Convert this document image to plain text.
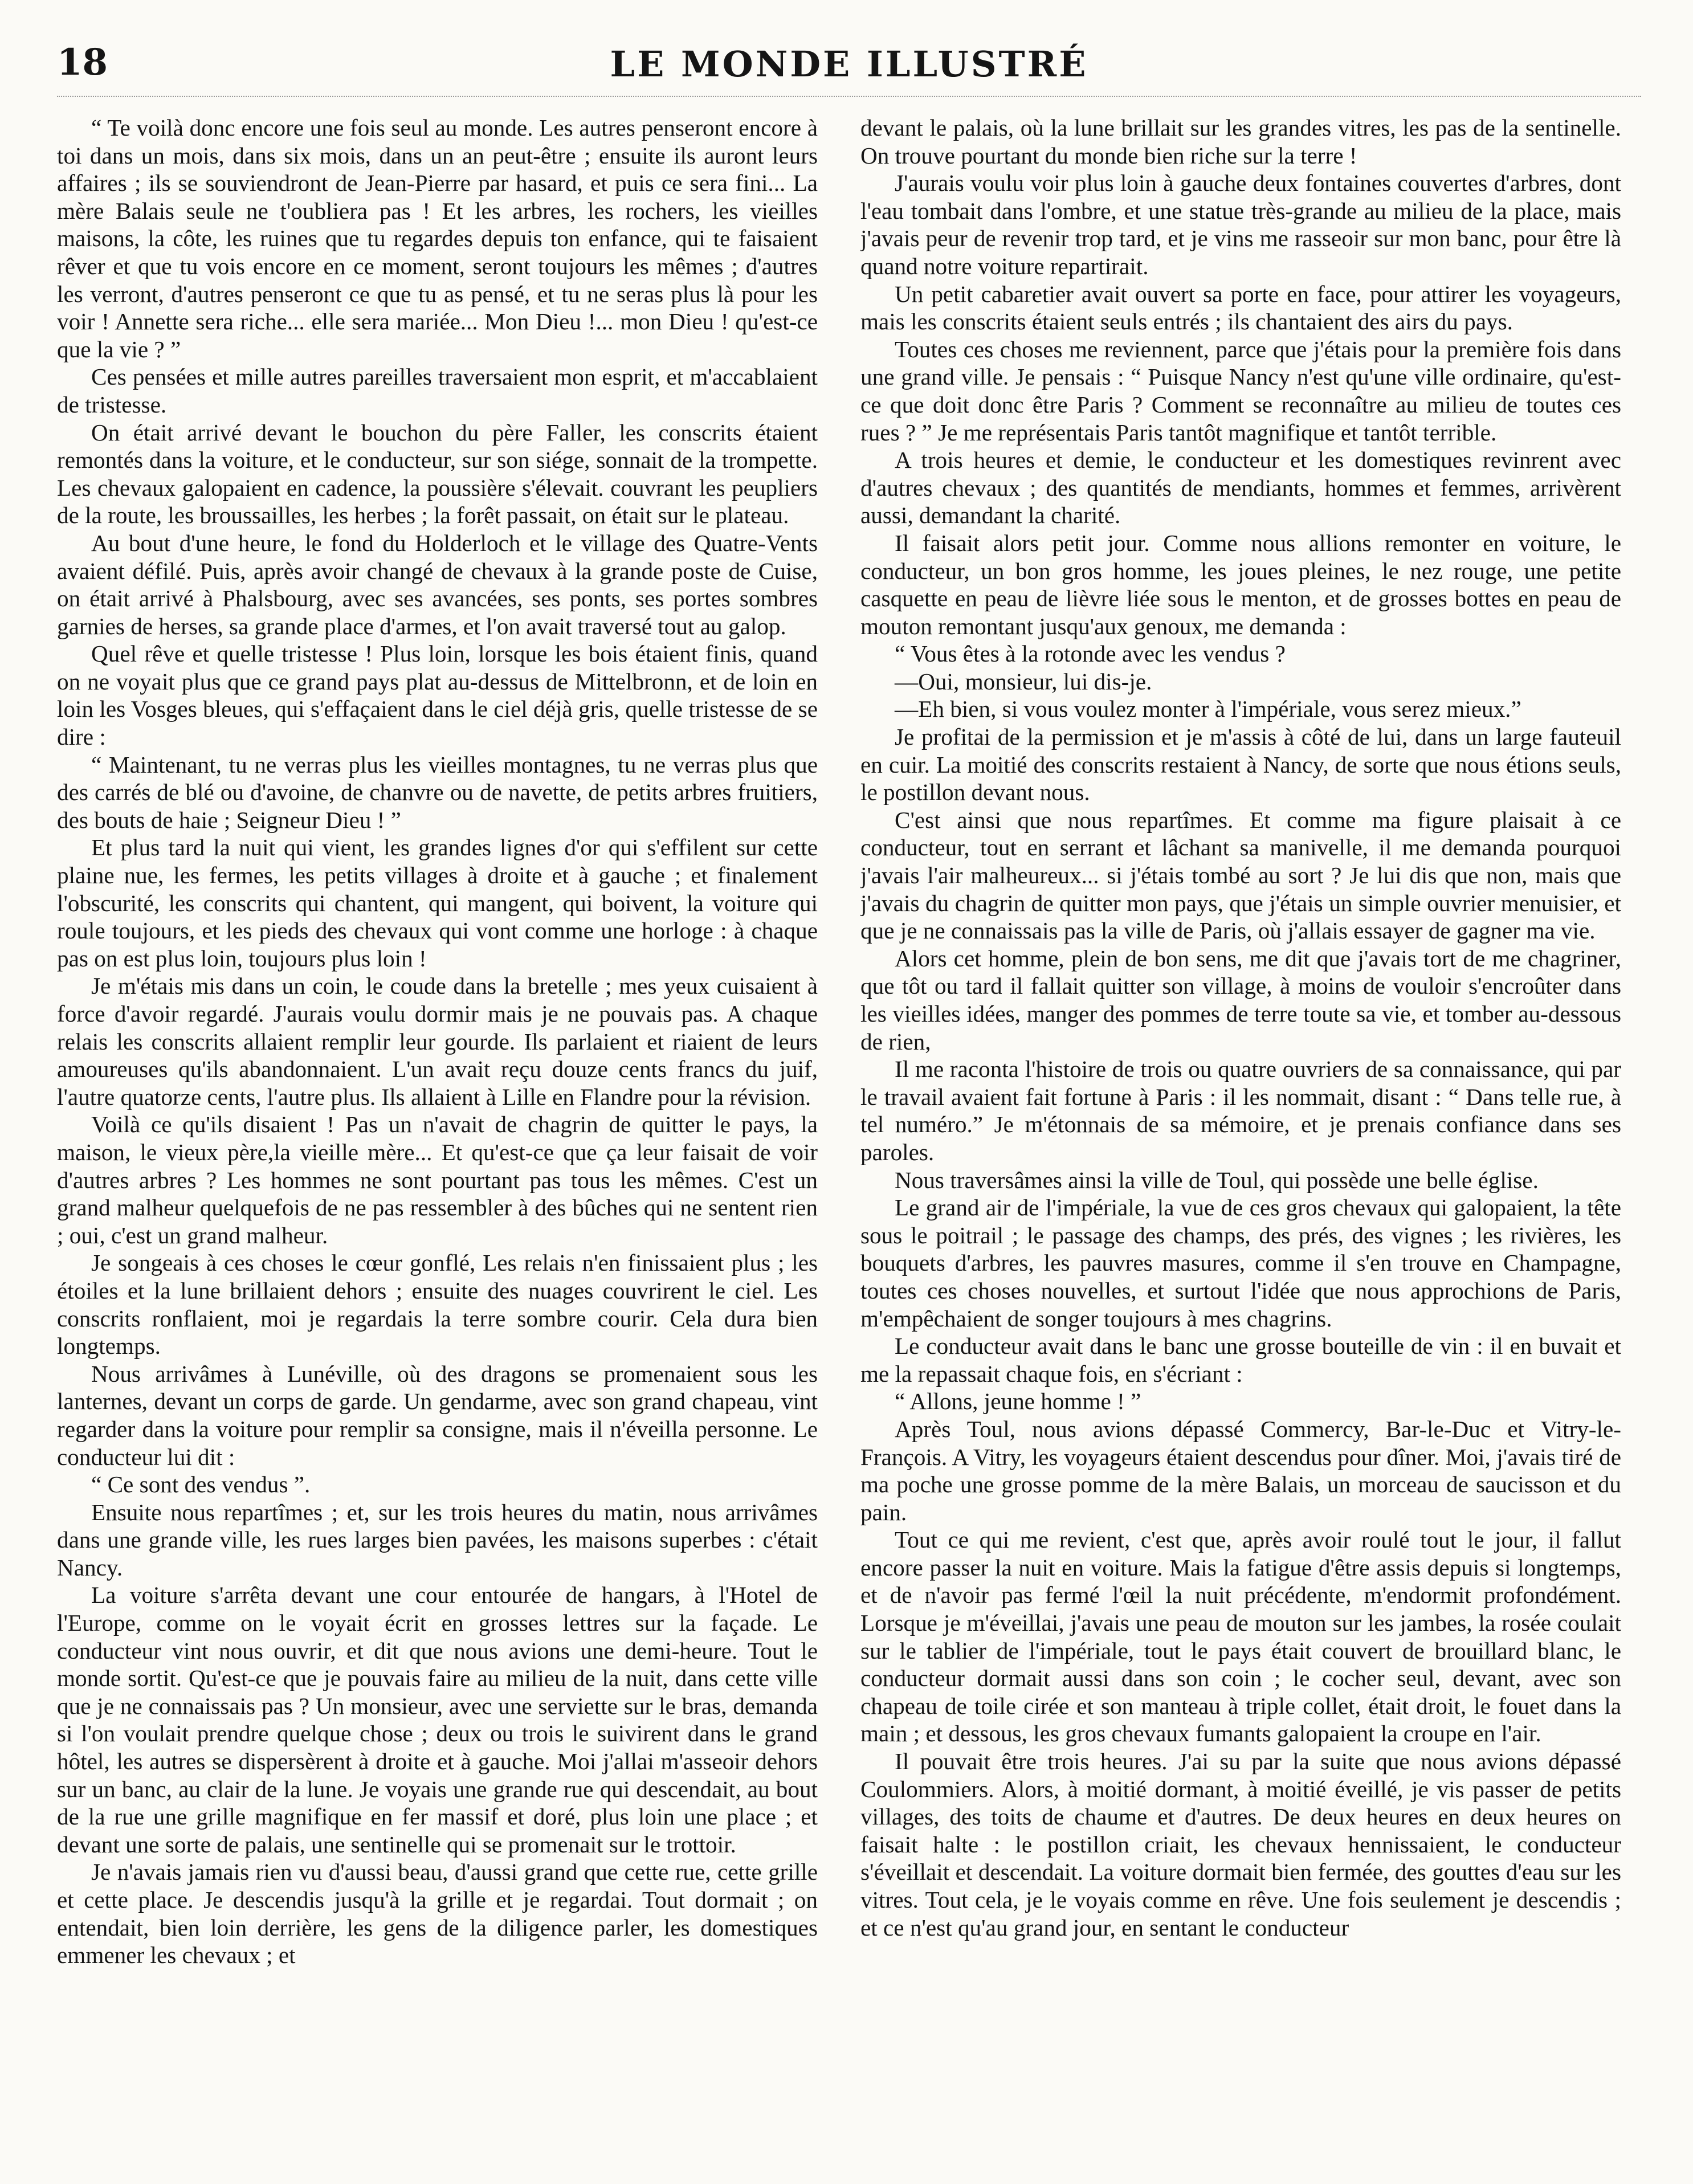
18	LE MONDE ILLUSTRÉ

“ Te voilà donc encore une fois seul au monde. Les autres penseront encore à toi dans un mois, dans six mois, dans un an peut-être ; ensuite ils auront leurs affaires ; ils se souviendront de Jean-Pierre par hasard, et puis ce sera fini... La mère Balais seule ne t'oubliera pas ! Et les arbres, les rochers, les vieilles maisons, la côte, les ruines que tu regardes depuis ton enfance, qui te faisaient rêver et que tu vois encore en ce moment, seront toujours les mêmes ; d'autres les verront, d'autres penseront ce que tu as pensé, et tu ne seras plus là pour les voir ! Annette sera riche... elle sera mariée... Mon Dieu !... mon Dieu ! qu'est-ce que la vie ? ”

Ces pensées et mille autres pareilles traversaient mon esprit, et m'accablaient de tristesse.

On était arrivé devant le bouchon du père Faller, les conscrits étaient remontés dans la voiture, et le conducteur, sur son siége, sonnait de la trompette. Les chevaux galopaient en cadence, la poussière s'élevait. couvrant les peupliers de la route, les broussailles, les herbes ; la forêt passait, on était sur le plateau.

Au bout d'une heure, le fond du Holderloch et le village des Quatre-Vents avaient défilé. Puis, après avoir changé de chevaux à la grande poste de Cuise, on était arrivé à Phalsbourg, avec ses avancées, ses ponts, ses portes sombres garnies de herses, sa grande place d'armes, et l'on avait traversé tout au galop.

Quel rêve et quelle tristesse ! Plus loin, lorsque les bois étaient finis, quand on ne voyait plus que ce grand pays plat au-dessus de Mittelbronn, et de loin en loin les Vosges bleues, qui s'effaçaient dans le ciel déjà gris, quelle tristesse de se dire :

“ Maintenant, tu ne verras plus les vieilles montagnes, tu ne verras plus que des carrés de blé ou d'avoine, de chanvre ou de navette, de petits arbres fruitiers, des bouts de haie ; Seigneur Dieu ! ”

Et plus tard la nuit qui vient, les grandes lignes d'or qui s'effilent sur cette plaine nue, les fermes, les petits villages à droite et à gauche ; et finalement l'obscurité, les conscrits qui chantent, qui mangent, qui boivent, la voiture qui roule toujours, et les pieds des chevaux qui vont comme une horloge : à chaque pas on est plus loin, toujours plus loin !

Je m'étais mis dans un coin, le coude dans la bretelle ; mes yeux cuisaient à force d'avoir regardé. J'aurais voulu dormir mais je ne pouvais pas. A chaque relais les conscrits allaient remplir leur gourde. Ils parlaient et riaient de leurs amoureuses qu'ils abandonnaient. L'un avait reçu douze cents francs du juif, l'autre quatorze cents, l'autre plus. Ils allaient à Lille en Flandre pour la révision.

Voilà ce qu'ils disaient ! Pas un n'avait de chagrin de quitter le pays, la maison, le vieux père,la vieille mère... Et qu'est-ce que ça leur faisait de voir d'autres arbres ? Les hommes ne sont pourtant pas tous les mêmes. C'est un grand malheur quelquefois de ne pas ressembler à des bûches qui ne sentent rien ; oui, c'est un grand malheur.

Je songeais à ces choses le cœur gonflé, Les relais n'en finissaient plus ; les étoiles et la lune brillaient dehors ; ensuite des nuages couvrirent le ciel. Les conscrits ronflaient, moi je regardais la terre sombre courir. Cela dura bien longtemps.

Nous arrivâmes à Lunéville, où des dragons se promenaient sous les lanternes, devant un corps de garde. Un gendarme, avec son grand chapeau, vint regarder dans la voiture pour remplir sa consigne, mais il n'éveilla personne. Le conducteur lui dit :

“ Ce sont des vendus ”.

Ensuite nous repartîmes ; et, sur les trois heures du matin, nous arrivâmes dans une grande ville, les rues larges bien pavées, les maisons superbes : c'était Nancy.

La voiture s'arrêta devant une cour entourée de hangars, à l'Hotel de l'Europe, comme on le voyait écrit en grosses lettres sur la façade. Le conducteur vint nous ouvrir, et dit que nous avions une demi-heure. Tout le monde sortit. Qu'est-ce que je pouvais faire au milieu de la nuit, dans cette ville que je ne connaissais pas ? Un monsieur, avec une serviette sur le bras, demanda si l'on voulait prendre quelque chose ; deux ou trois le suivirent dans le grand hôtel, les autres se dispersèrent à droite et à gauche. Moi j'allai m'asseoir dehors sur un banc, au clair de la lune. Je voyais une grande rue qui descendait, au bout de la rue une grille magnifique en fer massif et doré, plus loin une place ; et devant une sorte de palais, une sentinelle qui se promenait sur le trottoir.

Je n'avais jamais rien vu d'aussi beau, d'aussi grand que cette rue, cette grille et cette place. Je descendis jusqu'à la grille et je regardai. Tout dormait ; on entendait, bien loin derrière, les gens de la diligence parler, les domestiques emmener les chevaux ; et

devant le palais, où la lune brillait sur les grandes vitres, les pas de la sentinelle. On trouve pourtant du monde bien riche sur la terre !

J'aurais voulu voir plus loin à gauche deux fontaines couvertes d'arbres, dont l'eau tombait dans l'ombre, et une statue très-grande au milieu de la place, mais j'avais peur de revenir trop tard, et je vins me rasseoir sur mon banc, pour être là quand notre voiture repartirait.

Un petit cabaretier avait ouvert sa porte en face, pour attirer les voyageurs, mais les conscrits étaient seuls entrés ; ils chantaient des airs du pays.

Toutes ces choses me reviennent, parce que j'étais pour la première fois dans une grand ville. Je pensais : “ Puisque Nancy n'est qu'une ville ordinaire, qu'est-ce que doit donc être Paris ? Comment se reconnaître au milieu de toutes ces rues ? ” Je me représentais Paris tantôt magnifique et tantôt terrible.

A trois heures et demie, le conducteur et les domestiques revinrent avec d'autres chevaux ; des quantités de mendiants, hommes et femmes, arrivèrent aussi, demandant la charité.

Il faisait alors petit jour. Comme nous allions remonter en voiture, le conducteur, un bon gros homme, les joues pleines, le nez rouge, une petite casquette en peau de lièvre liée sous le menton, et de grosses bottes en peau de mouton remontant jusqu'aux genoux, me demanda :

“ Vous êtes à la rotonde avec les vendus ?

—Oui, monsieur, lui dis-je.

—Eh bien, si vous voulez monter à l'impériale, vous serez mieux.”

Je profitai de la permission et je m'assis à côté de lui, dans un large fauteuil en cuir. La moitié des conscrits restaient à Nancy, de sorte que nous étions seuls, le postillon devant nous.

C'est ainsi que nous repartîmes. Et comme ma figure plaisait à ce conducteur, tout en serrant et lâchant sa manivelle, il me demanda pourquoi j'avais l'air malheureux... si j'étais tombé au sort ? Je lui dis que non, mais que j'avais du chagrin de quitter mon pays, que j'étais un simple ouvrier menuisier, et que je ne connaissais pas la ville de Paris, où j'allais essayer de gagner ma vie.

Alors cet homme, plein de bon sens, me dit que j'avais tort de me chagriner, que tôt ou tard il fallait quitter son village, à moins de vouloir s'encroûter dans les vieilles idées, manger des pommes de terre toute sa vie, et tomber au-dessous de rien,

Il me raconta l'histoire de trois ou quatre ouvriers de sa connaissance, qui par le travail avaient fait fortune à Paris : il les nommait, disant : “ Dans telle rue, à tel numéro.” Je m'étonnais de sa mémoire, et je prenais confiance dans ses paroles.

Nous traversâmes ainsi la ville de Toul, qui possède une belle église.

Le grand air de l'impériale, la vue de ces gros chevaux qui galopaient, la tête sous le poitrail ; le passage des champs, des prés, des vignes ; les rivières, les bouquets d'arbres, les pauvres masures, comme il s'en trouve en Champagne, toutes ces choses nouvelles, et surtout l'idée que nous approchions de Paris, m'empêchaient de songer toujours à mes chagrins.

Le conducteur avait dans le banc une grosse bouteille de vin : il en buvait et me la repassait chaque fois, en s'écriant :

“ Allons, jeune homme ! ”

Après Toul, nous avions dépassé Commercy, Bar-le-Duc et Vitry-le-François. A Vitry, les voyageurs étaient descendus pour dîner. Moi, j'avais tiré de ma poche une grosse pomme de la mère Balais, un morceau de saucisson et du pain.

Tout ce qui me revient, c'est que, après avoir roulé tout le jour, il fallut encore passer la nuit en voiture. Mais la fatigue d'être assis depuis si longtemps, et de n'avoir pas fermé l'œil la nuit précédente, m'endormit profondément. Lorsque je m'éveillai, j'avais une peau de mouton sur les jambes, la rosée coulait sur le tablier de l'impériale, tout le pays était couvert de brouillard blanc, le conducteur dormait aussi dans son coin ; le cocher seul, devant, avec son chapeau de toile cirée et son manteau à triple collet, était droit, le fouet dans la main ; et dessous, les gros chevaux fumants galopaient la croupe en l'air.

Il pouvait être trois heures. J'ai su par la suite que nous avions dépassé Coulommiers. Alors, à moitié dormant, à moitié éveillé, je vis passer de petits villages, des toits de chaume et d'autres. De deux heures en deux heures on faisait halte : le postillon criait, les chevaux hennissaient, le conducteur s'éveillait et descendait. La voiture dormait bien fermée, des gouttes d'eau sur les vitres. Tout cela, je le voyais comme en rêve. Une fois seulement je descendis ; et ce n'est qu'au grand jour, en sentant le conducteur
